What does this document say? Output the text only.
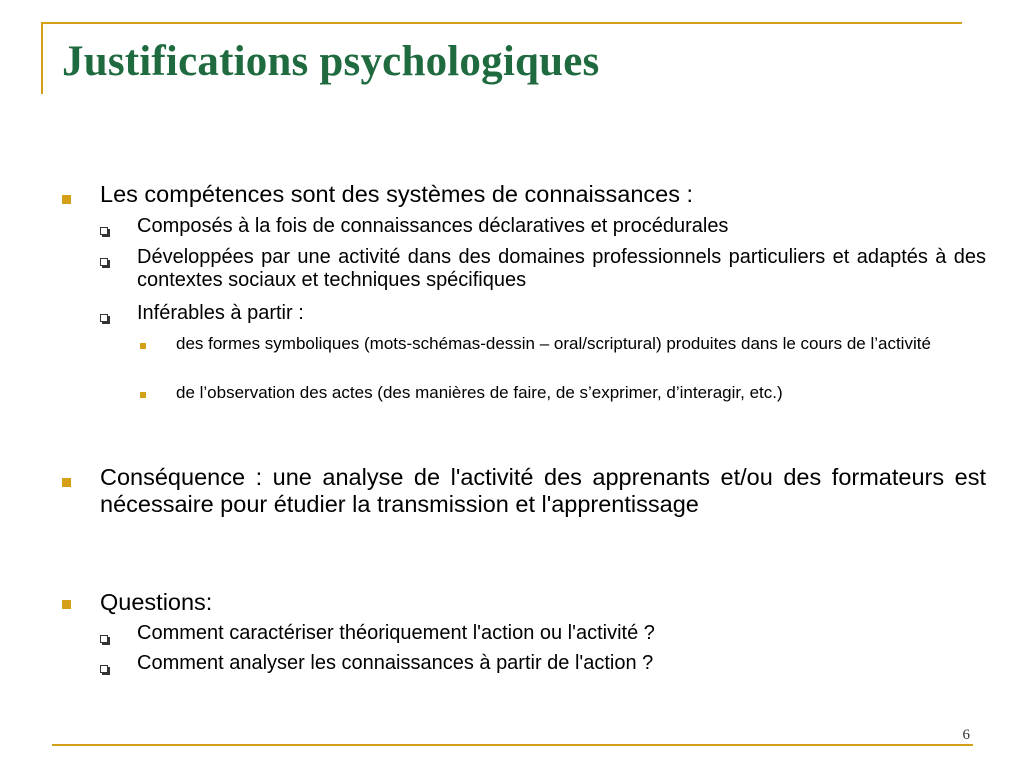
Justifications psychologiques
Les compétences sont des systèmes de connaissances :
Composés à la fois de connaissances déclaratives et procédurales
Développées par une activité dans des domaines professionnels particuliers et adaptés à des contextes sociaux et techniques spécifiques
Inférables à partir :
des formes symboliques (mots-schémas-dessin – oral/scriptural) produites dans le cours de l’activité
de l’observation des actes (des manières de faire, de s’exprimer, d’interagir, etc.)
Conséquence : une analyse de l'activité des apprenants et/ou des formateurs est nécessaire pour étudier la transmission et l'apprentissage
Questions:
Comment caractériser théoriquement l'action ou l'activité ?
Comment analyser les connaissances à partir de l'action ?
6
